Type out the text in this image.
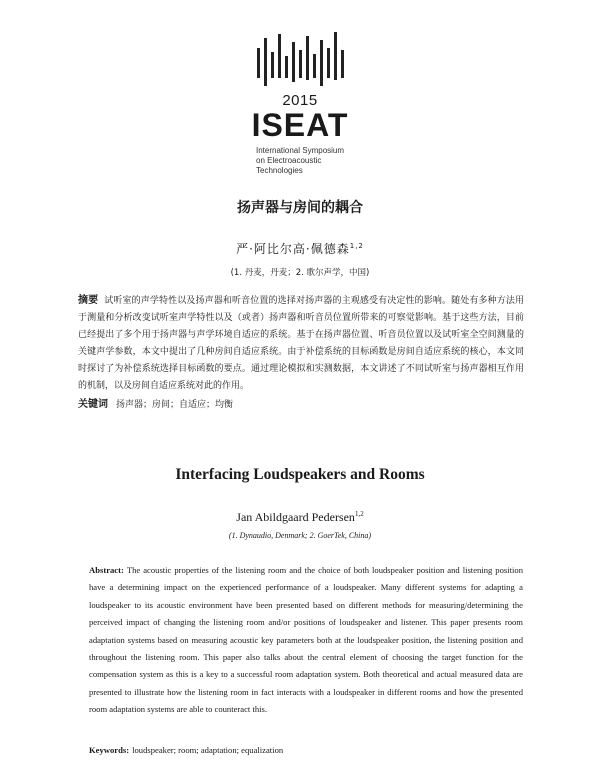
2015
ISEAT
International Symposium
on Electroacoustic
Technologies
扬声器与房间的耦合
严·阿比尔高·佩德森$^{1,2}$
(1. 丹麦，丹麦；2. 歌尔声学，中国)
摘要 试听室的声学特性以及扬声器和听音位置的选择对扬声器的主观感受有决定性的影响。随处有多种方法用于测量和分析改变试听室声学特性以及（或者）扬声器和听音员位置所带来的可察觉影响。基于这些方法，目前已经提出了多个用于扬声器与声学环境自适应的系统。基于在扬声器位置、听音员位置以及试听室全空间测量的关键声学参数，本文中提出了几种房间自适应系统。由于补偿系统的目标函数是房间自适应系统的核心，本文同时探讨了为补偿系统选择目标函数的要点。通过理论模拟和实测数据，本文讲述了不同试听室与扬声器相互作用的机制，以及房间自适应系统对此的作用。
关键词 扬声器；房间；自适应；均衡
Interfacing Loudspeakers and Rooms
Jan Abildgaard Pedersen$^{1,2}$
(1. Dynaudio, Denmark; 2. GoerTek, China)
Abstract: The acoustic properties of the listening room and the choice of both loudspeaker position and listening position have a determining impact on the experienced performance of a loudspeaker. Many different systems for adapting a loudspeaker to its acoustic environment have been presented based on different methods for measuring/determining the perceived impact of changing the listening room and/or positions of loudspeaker and listener. This paper presents room adaptation systems based on measuring acoustic key parameters both at the loudspeaker position, the listening position and throughout the listening room. This paper also talks about the central element of choosing the target function for the compensation system as this is a key to a successful room adaptation system. Both theoretical and actual measured data are presented to illustrate how the listening room in fact interacts with a loudspeaker in different rooms and how the presented room adaptation systems are able to counteract this.
Keywords: loudspeaker; room; adaptation; equalization
